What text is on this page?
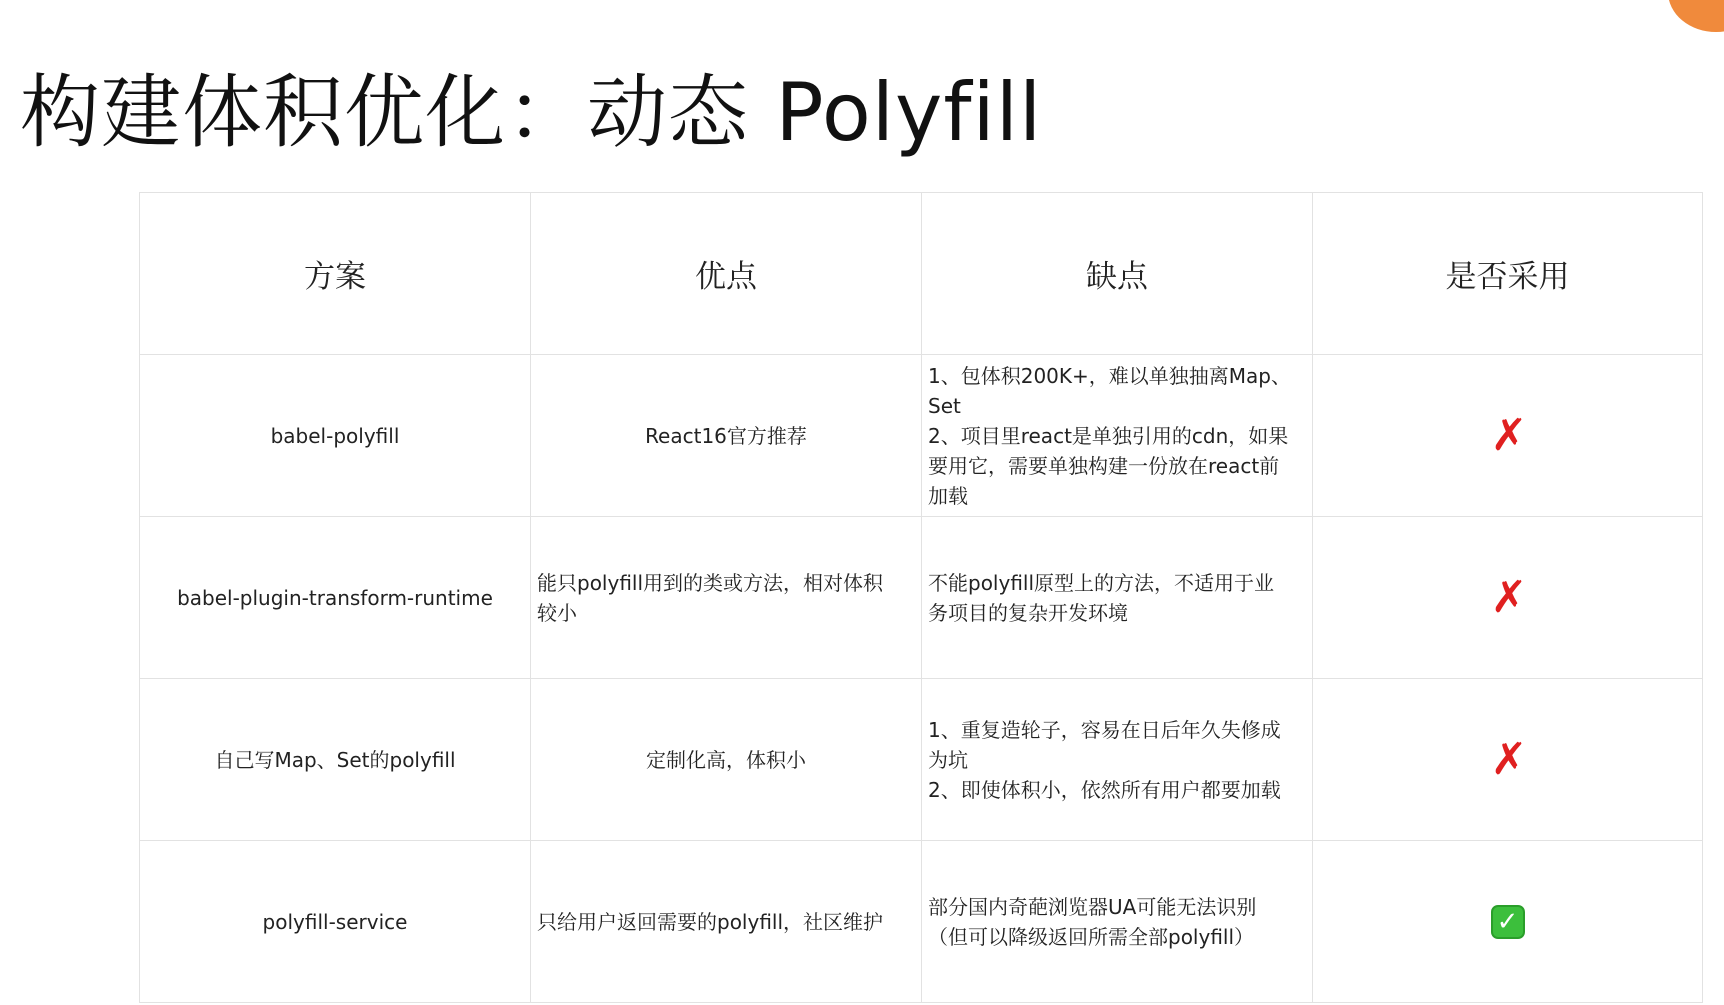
构建体积优化：动态 Polyfill
方案	优点	缺点	是否采用
babel-polyfill	React16官方推荐	1、包体积200K+，难以单独抽离Map、
Set
2、项目里react是单独引用的cdn，如果
要用它，需要单独构建一份放在react前
加载	✗
babel-plugin-transform-runtime	能只polyfill用到的类或方法，相对体积
较小	不能polyfill原型上的方法，不适用于业
务项目的复杂开发环境	✗
自己写Map、Set的polyfill	定制化高，体积小	1、重复造轮子，容易在日后年久失修成
为坑
2、即使体积小，依然所有用户都要加载	✗
polyfill-service	只给用户返回需要的polyfill，社区维护	部分国内奇葩浏览器UA可能无法识别
（但可以降级返回所需全部polyfill）	✓
